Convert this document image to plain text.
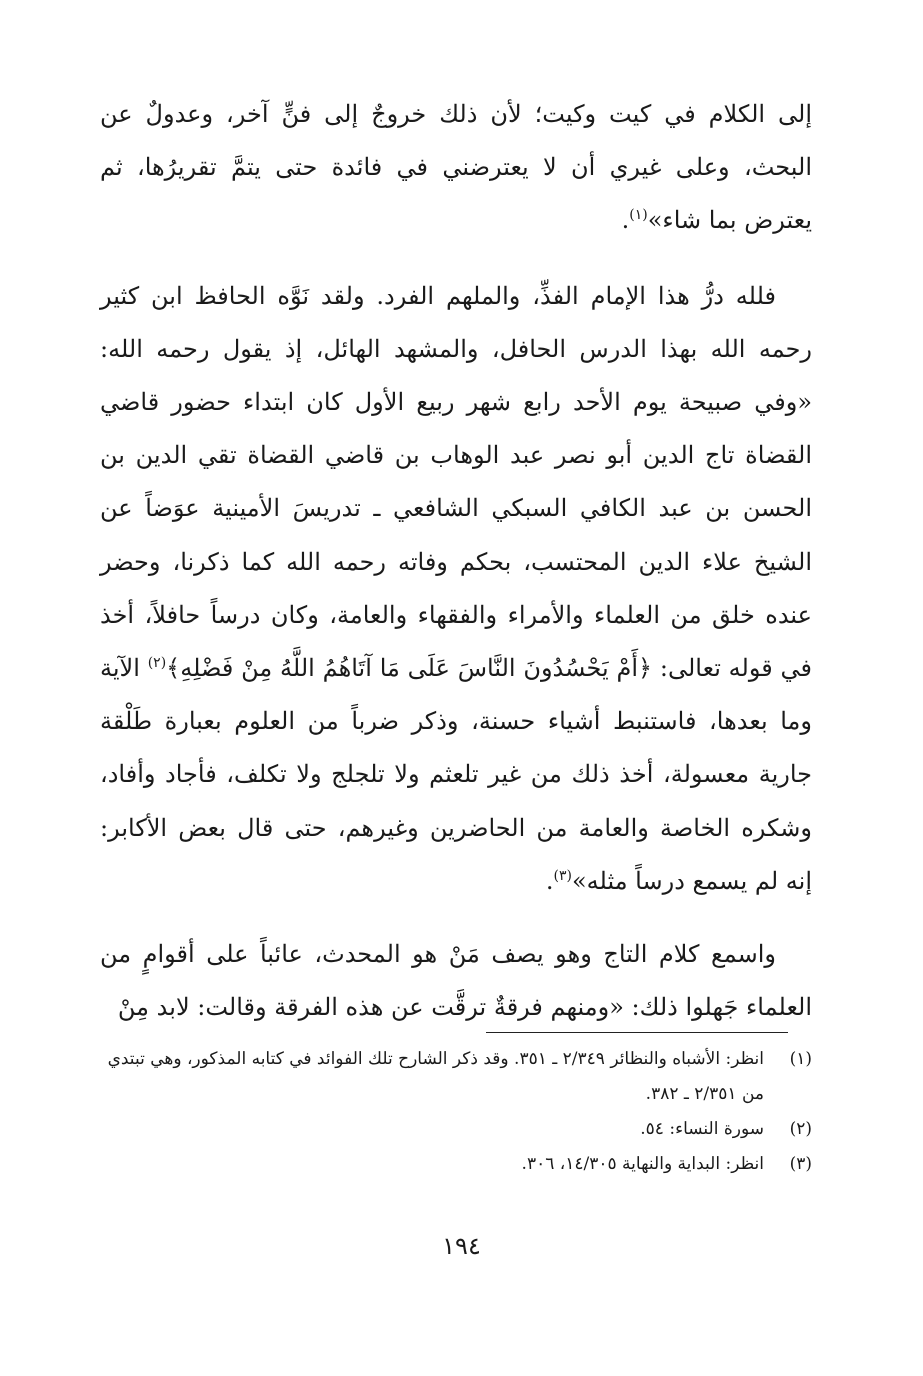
إلى الكلام في كيت وكيت؛ لأن ذلك خروجٌ إلى فنٍّ آخر، وعدولٌ عن البحث، وعلى غيري أن لا يعترضني في فائدة حتى يتمَّ تقريرُها، ثم يعترض بما شاء»$^{(١)}$.

فلله درُّ هذا الإمام الفذِّ، والملهم الفرد. ولقد نَوَّه الحافظ ابن كثير رحمه الله بهذا الدرس الحافل، والمشهد الهائل، إذ يقول رحمه الله: «وفي صبيحة يوم الأحد رابع شهر ربيع الأول كان ابتداء حضور قاضي القضاة تاج الدين أبو نصر عبد الوهاب بن قاضي القضاة تقي الدين بن الحسن بن عبد الكافي السبكي الشافعي ـ تدريسَ الأمينية عوَضاً عن الشيخ علاء الدين المحتسب، بحكم وفاته رحمه الله كما ذكرنا، وحضر عنده خلق من العلماء والأمراء والفقهاء والعامة، وكان درساً حافلاً، أخذ في قوله تعالى: ﴿أَمْ يَحْسُدُونَ النَّاسَ عَلَى مَا آتَاهُمُ اللَّهُ مِنْ فَضْلِهِ﴾$^{(٢)}$ الآية وما بعدها، فاستنبط أشياء حسنة، وذكر ضرباً من العلوم بعبارة طَلْقة جارية معسولة، أخذ ذلك من غير تلعثم ولا تلجلج ولا تكلف، فأجاد وأفاد، وشكره الخاصة والعامة من الحاضرين وغيرهم، حتى قال بعض الأكابر: إنه لم يسمع درساً مثله»$^{(٣)}$.

واسمع كلام التاج وهو يصف مَنْ هو المحدث، عائباً على أقوامٍ من العلماء جَهلوا ذلك: «ومنهم فرقةٌ ترقَّت عن هذه الفرقة وقالت: لابد مِنْ

(١)
انظر: الأشباه والنظائر ٢/٣٤٩ ـ ٣٥١. وقد ذكر الشارح تلك الفوائد في كتابه المذكور، وهي تبتدي من ٢/٣٥١ ـ ٣٨٢.
(٢)
سورة النساء: ٥٤.
(٣)
انظر: البداية والنهاية ١٤/٣٠٥، ٣٠٦.
١٩٤
